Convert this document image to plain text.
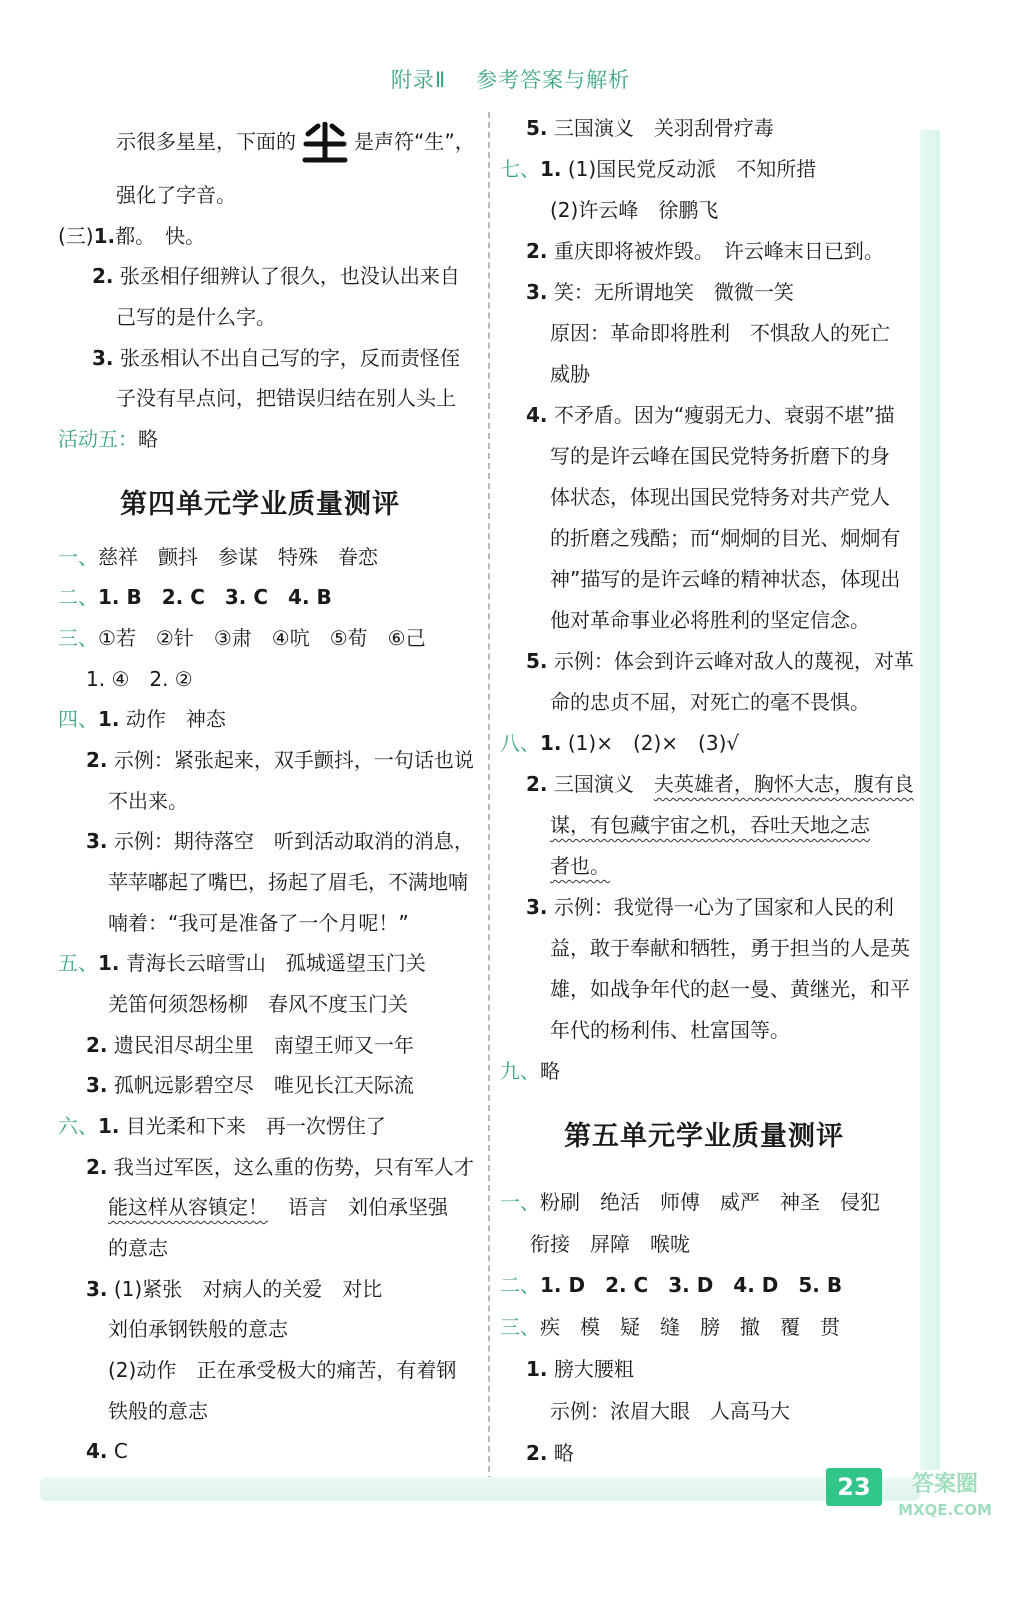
附录Ⅱ 参考答案与解析
示很多星星，下面的	是声符“生”，
强化了字音。
(三)1.都。　快。
2. 张丞相仔细辨认了很久，也没认出来自
己写的是什么字。
3. 张丞相认不出自己写的字，反而责怪侄
子没有早点问，把错误归结在别人头上
活动五：略
第四单元学业质量测评
一、慈祥　颤抖　参谋　特殊　眷恋
二、1. B　2. C　3. C　4. B
三、①若　②针　③肃　④吭　⑤荀　⑥己
1. ④　2. ②
四、1. 动作　神态
2. 示例：紧张起来，双手颤抖，一句话也说
不出来。
3. 示例：期待落空　听到活动取消的消息，
苹苹嘟起了嘴巴，扬起了眉毛，不满地喃
喃着：“我可是准备了一个月呢！”
五、1. 青海长云暗雪山　孤城遥望玉门关
羌笛何须怨杨柳　春风不度玉门关
2. 遗民泪尽胡尘里　南望王师又一年
3. 孤帆远影碧空尽　唯见长江天际流
六、1. 目光柔和下来　再一次愣住了
2. 我当过军医，这么重的伤势，只有军人才
能这样从容镇定！　语言　刘伯承坚强
的意志
3. (1)紧张　对病人的关爱　对比
刘伯承钢铁般的意志
(2)动作　正在承受极大的痛苦，有着钢
铁般的意志
4. C
5. 三国演义　关羽刮骨疗毒
七、1. (1)国民党反动派　不知所措
(2)许云峰　徐鹏飞
2. 重庆即将被炸毁。　许云峰末日已到。
3. 笑：无所谓地笑　微微一笑
原因：革命即将胜利　不惧敌人的死亡
威胁
4. 不矛盾。因为“瘦弱无力、衰弱不堪”描
写的是许云峰在国民党特务折磨下的身
体状态，体现出国民党特务对共产党人
的折磨之残酷；而“炯炯的目光、炯炯有
神”描写的是许云峰的精神状态，体现出
他对革命事业必将胜利的坚定信念。
5. 示例：体会到许云峰对敌人的蔑视，对革
命的忠贞不屈，对死亡的毫不畏惧。
八、1. (1)×　(2)×　(3)√
2. 三国演义　夫英雄者，胸怀大志，腹有良
谋，有包藏宇宙之机，吞吐天地之志
者也。
3. 示例：我觉得一心为了国家和人民的利
益，敢于奉献和牺牲，勇于担当的人是英
雄，如战争年代的赵一曼、黄继光，和平
年代的杨利伟、杜富国等。
九、略
第五单元学业质量测评
一、粉刷　绝活　师傅　威严　神圣　侵犯
衔接　屏障　喉咙
二、1. D　2. C　3. D　4. D　5. B
三、疾　模　疑　缝　膀　撤　覆　贯
1. 膀大腰粗
示例：浓眉大眼　人高马大
2. 略
23	答案圈
MXQE.COM
